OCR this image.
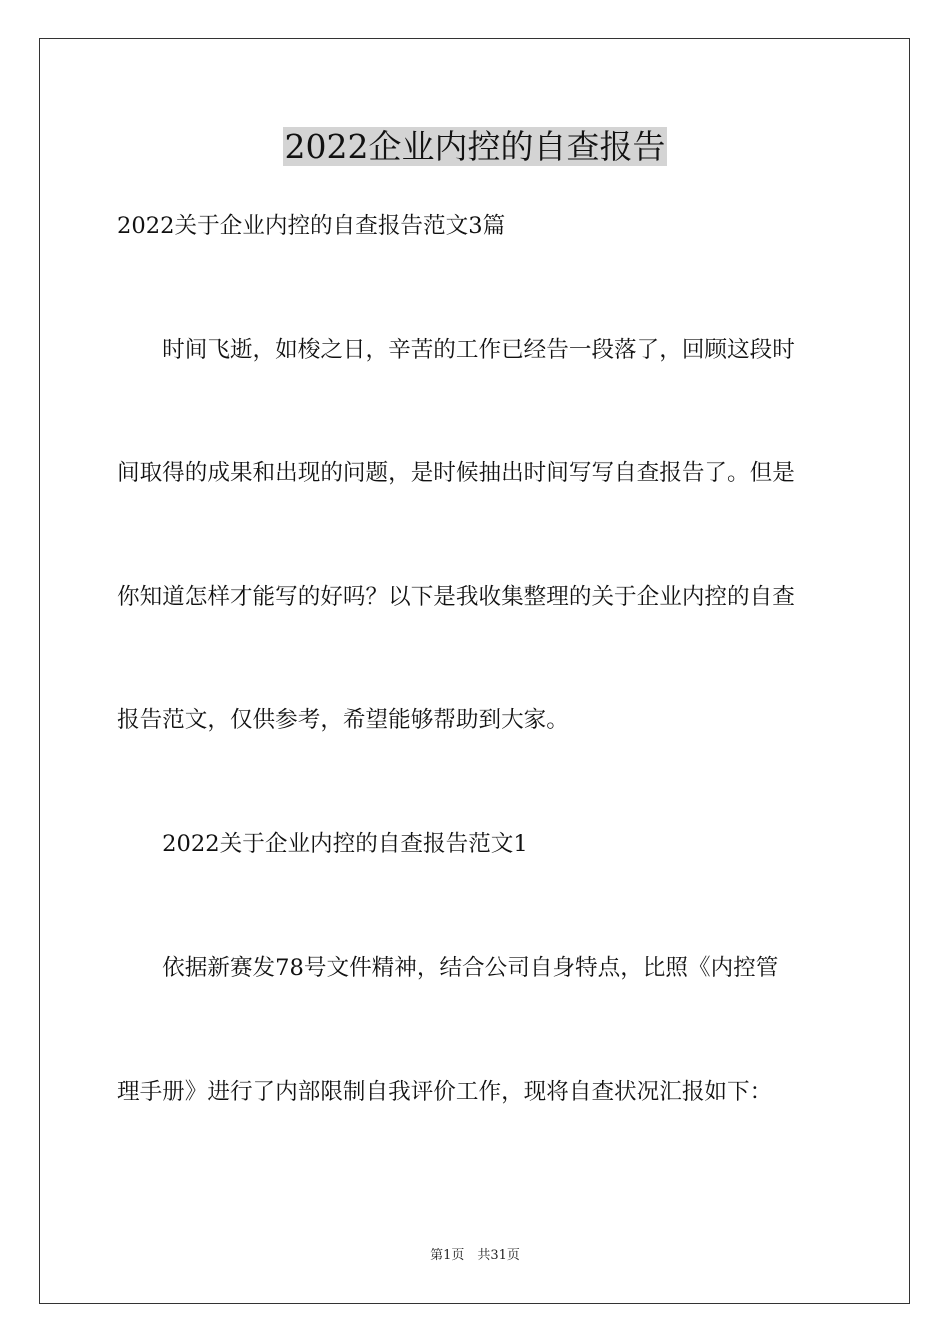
2022企业内控的自查报告
2022关于企业内控的自查报告范文3篇
　　时间飞逝，如梭之日，辛苦的工作已经告一段落了，回顾这段时
间取得的成果和出现的问题，是时候抽出时间写写自查报告了。但是
你知道怎样才能写的好吗？以下是我收集整理的关于企业内控的自查
报告范文，仅供参考，希望能够帮助到大家。
　　2022关于企业内控的自查报告范文1
　　依据新赛发78号文件精神，结合公司自身特点，比照《内控管
理手册》进行了内部限制自我评价工作，现将自查状况汇报如下：
第1页　共31页
